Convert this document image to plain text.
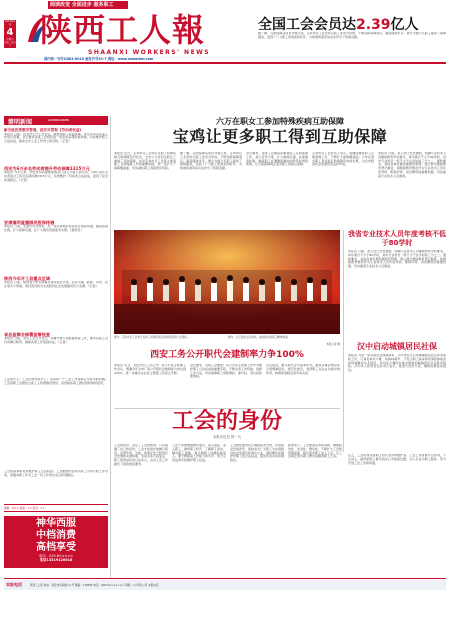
阅读改变 全面进步 服务职工
2017年3月
4
星期六
农历二月初七 陕西工人報
SHAANXI WORKERS' NEWS
国内统一刊号CN61-0015 邮发代号51-7 网址：www.sxworker.com
全国工会会员达2.39亿人
据了解，互助保障活动自开展以来，宝鸡市总工会坚持以职工需求为导向，不断创新保障项目，提高保障水平，累计为数万名职工提供了保障服务，受到了广大职工的欢迎和好评，为构建和谐劳动关系作出了积极贡献。
简明新闻	JIANMINGXINWEN
新引进优秀教学管理、延安市贯彻《劳动者权益》
本报讯 日前，延安市召开工作会议，就推进职工权益保障、优化劳动关系等工作进行部署，会议要求各级工会组织进一步落实各项政策举措，切实维护职工合法权益，推动全市工会工作再上新台阶。（记者）
西安为6万余名劳动者提升劳动保障1315万元
本报讯 今年以来，西安市劳动保障监察部门深入开展专项行动，为6万余名劳动者追讨工资及各项待遇1315万元，有效维护了劳动者合法权益，促进了社会和谐稳定。（记者）
安康福利直播园民医保待遇
本报讯 日前，安康市出台政策，进一步完善城乡居民医疗保险待遇，提高报销比例，扩大保障范围，让广大群众得到更多实惠。（通讯员）
陕西今年开工县重点区域
本报讯 日前，陕西省公布年度重点建设项目计划，涉及交通、能源、水利、民生等多个领域，项目建设将为全省经济社会发展提供有力支撑。（记者）
省总监察会部署监督检查
本报讯 日前，省总工会召开会议，部署开展专项监督检查工作，要求各级工会切实履行职责，确保各项工作落到实处。（记者）
工会是什么？工会的身份是什么？这是每一个工会工作者都应当思考的问题。工会是职工自愿结合的工人阶级群众组织，是党联系职工群众的桥梁和纽带。
工会的基本职责是维护职工合法权益。工会要始终坚持以职工为中心的工作导向，把服务职工作为工会一切工作的出发点和落脚点。
编辑：刘×× 美编：×× 校对：××
神华西服
中档消费
高档享受
电话：029-8×××××
电话13319120018
六万在职女工参加特殊疾病互助保障
宝鸡让更多职工得到互助保障
本报讯 近日，宝鸡市总工会举行女职工特殊疾病互助保障签约仪式，全市六万余名在职女工参加了互助保障，这是宝鸡市总工会深入推进职工互助保障工作的重要举措，进一步扩大了保障覆盖面，切实减轻职工因病致贫风险。
据了解，互助保障活动自开展以来，宝鸡市总工会坚持以职工需求为导向，不断创新保障项目，提高保障水平，累计为数万名职工提供了保障服务，受到了广大职工的欢迎和好评，为构建和谐劳动关系作出了积极贡献。
会议要求，各级工会要高度重视职工互助保障工作，加大宣传力度，扩大参保范围，完善服务机制，确保职工在遭遇困难时能够及时得到帮助，让互助保障真正成为职工的贴心保障。
宝鸡市总工会负责人表示，将继续推进职工互助保障工作，不断扩大保障覆盖面，力争让更多职工享受到互助保障带来的实惠，为全市经济社会发展营造良好环境。
本报讯 日前，省人社厅发布通知，明确专业技术人员继续教育学时要求，每年累计不少于80学时，其中专业科目一般不少于总学时的三分之二。通知要求，各地各单位要加强组织管理，建立健全继续教育登记制度，将继续教育情况作为专业技术人员年度考核、职称评审、岗位聘用的重要依据，切实提高专业技术人员素质。
图为：宝鸡市总工会举行女职工特殊疾病互助保障签约仪式现场。	图为：文艺演出活动现场，参加演出的职工精神饱满。
本报记者 摄
我省专业技术人员年度考核不低于80学时
本报讯 日前，省人社厅发布通知，明确专业技术人员继续教育学时要求，每年累计不少于80学时，其中专业科目一般不少于总学时的三分之二。通知要求，各地各单位要加强组织管理，建立健全继续教育登记制度，将继续教育情况作为专业技术人员年度考核、职称评审、岗位聘用的重要依据，切实提高专业技术人员素质。
汉中启动城镇居民社保
本报讯 为进一步完善社会保障体系，汉中市近日启动城镇居民社会养老保险工作，凡具有本市户籍、年满16周岁、不符合职工基本养老保险参保条件的城镇非从业居民，均可在户籍所在地自愿参加城镇居民社会养老保险。汉中市人社局有关负责人表示，将加大宣传力度，确保政策落实到位。
西安工务公开职代会建制率力争100%
本报讯 近日，西安市总工会召开厂务公开民主管理工作会议，明确今年全市厂务公开职代会建制率力争达到100%，进一步推动企业民主管理工作深入开展。
会议要求，各级工会要把厂务公开民主管理工作作为维护职工合法权益的重要手段，不断完善工作机制，创新工作方法，切实保障职工的知情权、参与权、表达权和监督权。
会议指出，要以职代会为基本形式，推进企事业单位民主管理制度化、规范化建设，发挥职工在企业决策中的作用，构建和谐稳定的劳动关系。
工会的身份
本报评论员 郭一凡
工会的身份，决定了工会的使命。只有明确了自己的身份，工会才能更好地履行职责，发挥作用。当前，我国正处于经济社会发展的关键时期，劳动关系日趋复杂，职工的利益诉求日益多元，这对工会工作提出了新的更高要求。
工会干部要增强群众观念，深入基层、深入职工，倾听职工呼声，了解职工需求，解决职工困难，真正做职工信赖的娘家人。要不断提高工作能力和水平，善于运用法律手段维护职工权益。
工会组织要坚持正确的政治方向，自觉接受党的领导，团结动员广大职工为实现经济社会发展目标建功立业，同时要切实维护好职工的合法权益，促进劳动关系和谐稳定。
新形势下，工会要深化改革创新，增强政治性、先进性、群众性，不断扩大工会组织覆盖面，吸引更多职工加入工会，让工会真正成为职工群众信赖的职工之家。	总之，工会的身份是职工的代表者和维护者。工会工作者要牢记使命，不忘初心，始终把职工群众放在心中最高位置，全心全意为职工服务，努力开创工会工作新局面。
本报电话	陕西工人报 地址：西安市东新街××号 邮编：710004 电话：029-8××××××× 印刷：××印务公司 本报电话
